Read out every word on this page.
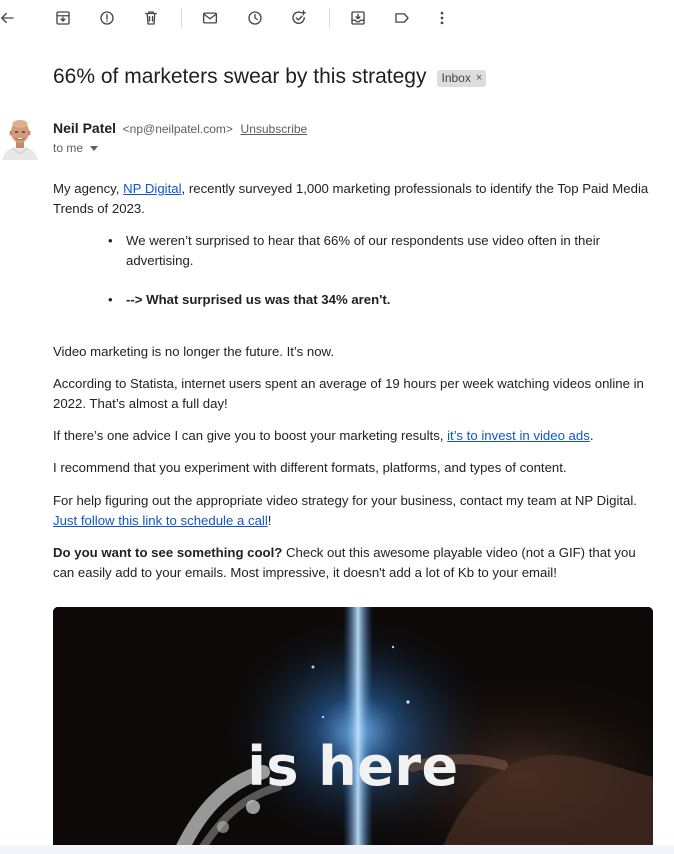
66% of marketers swear by this strategy Inbox ×
Neil Patel <np@neilpatel.com> Unsubscribe
to me

My agency, NP Digital, recently surveyed 1,000 marketing professionals to identify the Top Paid Media Trends of 2023.

•	We weren’t surprised to hear that 66% of our respondents use video often in their advertising.
•	--> What surprised us was that 34% aren't.

Video marketing is no longer the future. It’s now.

According to Statista, internet users spent an average of 19 hours per week watching videos online in 2022. That’s almost a full day!

If there’s one advice I can give you to boost your marketing results, it’s to invest in video ads.

I recommend that you experiment with different formats, platforms, and types of content.

For help figuring out the appropriate video strategy for your business, contact my team at NP Digital. Just follow this link to schedule a call!

Do you want to see something cool? Check out this awesome playable video (not a GIF) that you can easily add to your emails. Most impressive, it doesn't add a lot of Kb to your email!

is here
